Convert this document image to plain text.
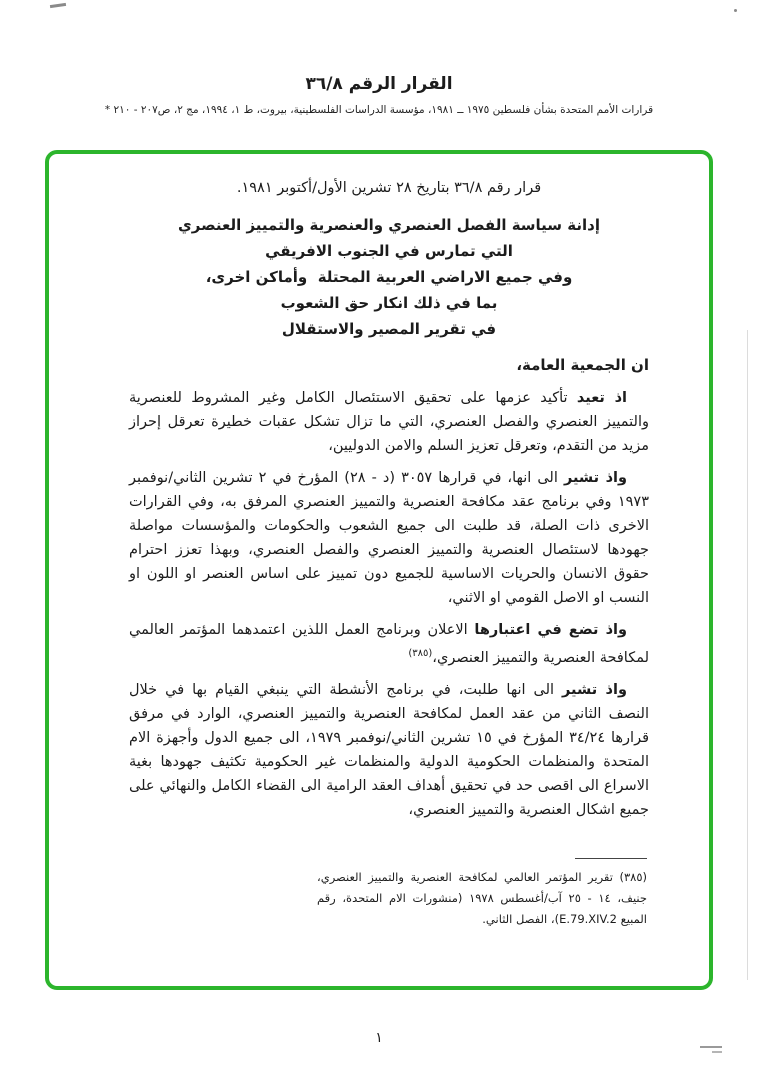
القرار الرقم ٣٦/٨
قرارات الأمم المتحدة بشأن فلسطين ١٩٧٥ ــ ١٩٨١، مؤسسة الدراسات الفلسطينية، بيروت، ط ١، ١٩٩٤، مج ٢، ص٢٠٧ - ٢١٠ *
قرار رقم ٣٦/٨ بتاريخ ٢٨ تشرين الأول/أكتوبر ١٩٨١.
إدانة سياسة الفصل العنصري والعنصرية والتمييز العنصري
التي تمارس في الجنوب الافريقي
وفي جميع الاراضي العربية المحتلة  وأماكن اخرى،
بما في ذلك انكار حق الشعوب
في تقرير المصير والاستقلال
ان الجمعية العامة،

اذ تعيد تأكيد عزمها على تحقيق الاستئصال الكامل وغير المشروط للعنصرية والتمييز العنصري والفصل العنصري، التي ما تزال تشكل عقبات خطيرة تعرقل إحراز مزيد من التقدم، وتعرقل تعزيز السلم والامن الدوليين،

واذ تشير الى انها، في قرارها ٣٠٥٧ (د - ٢٨) المؤرخ في ٢ تشرين الثاني/نوفمبر ١٩٧٣ وفي برنامج عقد مكافحة العنصرية والتمييز العنصري المرفق به، وفي القرارات الاخرى ذات الصلة، قد طلبت الى جميع الشعوب والحكومات والمؤسسات مواصلة جهودها لاستئصال العنصرية والتمييز العنصري والفصل العنصري، وبهذا تعزز احترام حقوق الانسان والحريات الاساسية للجميع دون تمييز على اساس العنصر او اللون او النسب او الاصل القومي او الاثني،

واذ تضع في اعتبارها الاعلان وبرنامج العمل اللذين اعتمدهما المؤتمر العالمي لمكافحة العنصرية والتمييز العنصري،$^{(٣٨٥)}$

واذ تشير الى انها طلبت، في برنامج الأنشطة التي ينبغي القيام بها في خلال النصف الثاني من عقد العمل لمكافحة العنصرية والتمييز العنصري، الوارد في مرفق قرارها ٣٤/٢٤ المؤرخ في ١٥ تشرين الثاني/نوفمبر ١٩٧٩، الى جميع الدول وأجهزة الام المتحدة والمنظمات الحكومية الدولية والمنظمات غير الحكومية تكثيف جهودها بغية الاسراع الى اقصى حد في تحقيق أهداف العقد الرامية الى القضاء الكامل والنهائي على جميع اشكال العنصرية والتمييز العنصري،

(٣٨٥) تقرير المؤتمر العالمي لمكافحة العنصرية والتمييز العنصري، جنيف، ١٤ - ٢٥ آب/أغسطس ١٩٧٨ (منشورات الام المتحدة، رقم المبيع E.79.XIV.2)، الفصل الثاني.
١
